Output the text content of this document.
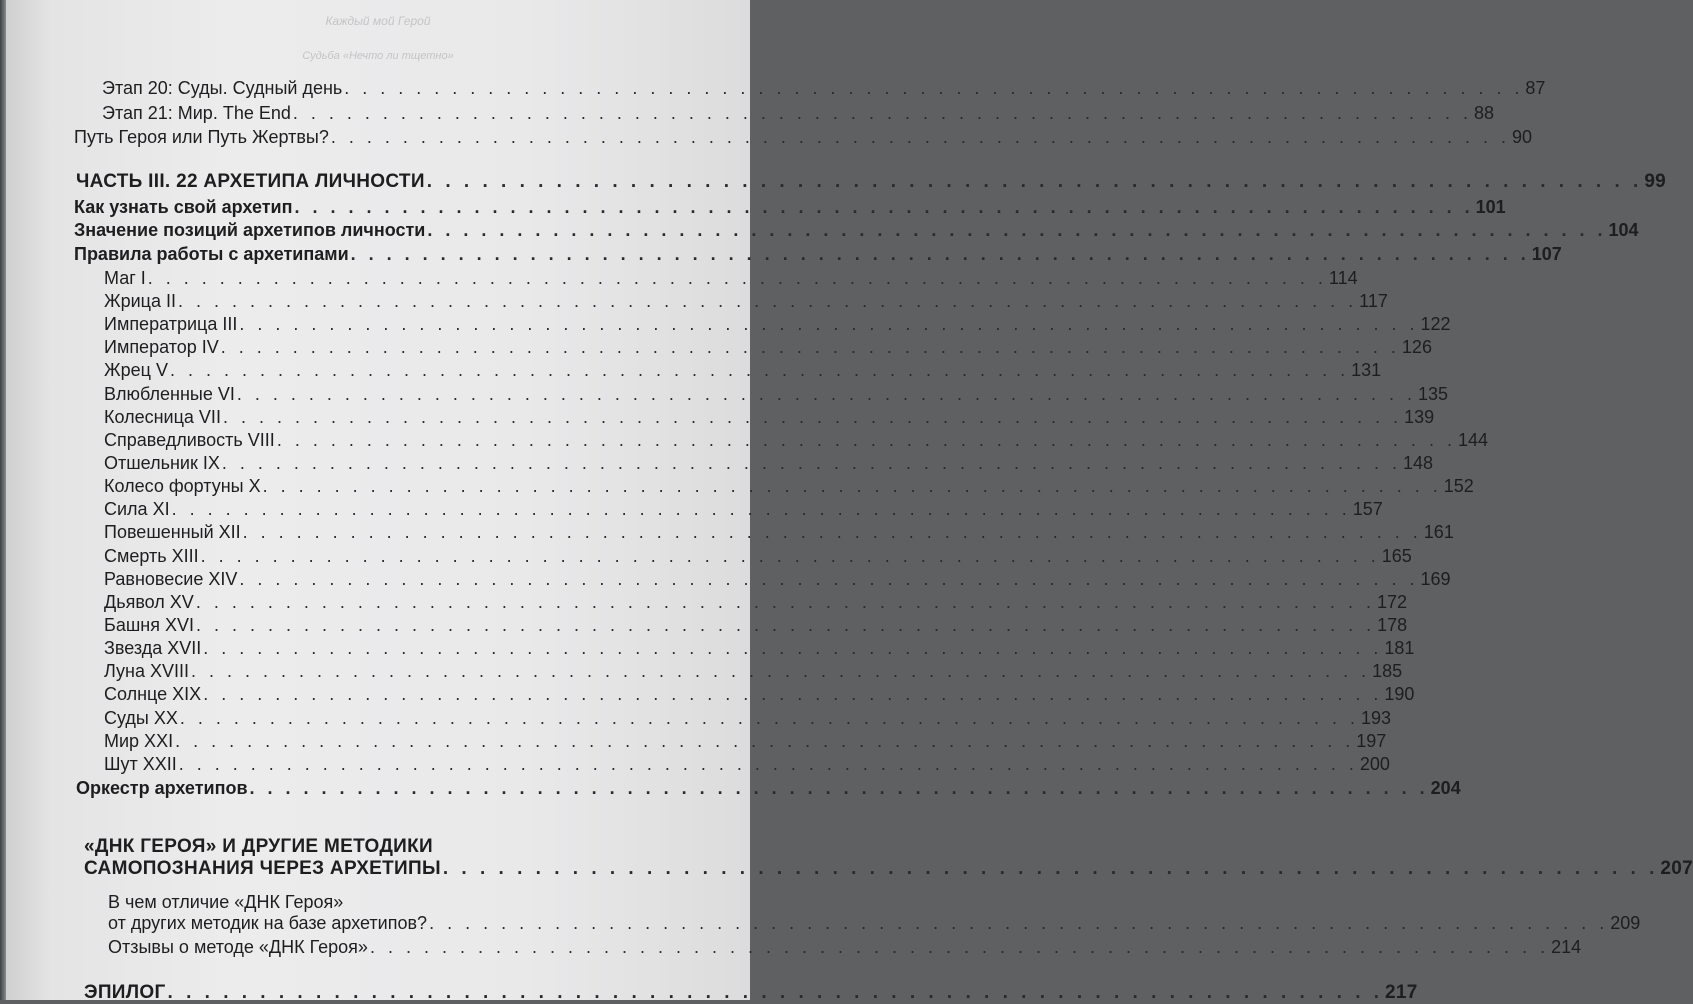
Каждый мой Герой
Судьба «Нечто ли тщетно»
Этап 20: Суды. Судный день . . . . . . . . . . . . . . . . . . . . . . . . . . . . . . . . . . . . . . . . . . . . . . . . . . . . . . . . . . . . . . . . . . 87
Этап 21: Мир. The End . . . . . . . . . . . . . . . . . . . . . . . . . . . . . . . . . . . . . . . . . . . . . . . . . . . . . . . . . . . . . . . . . . 88
Путь Героя или Путь Жертвы? . . . . . . . . . . . . . . . . . . . . . . . . . . . . . . . . . . . . . . . . . . . . . . . . . . . . . . . . . . . . . . . . . . 90
ЧАСТЬ III. 22 АРХЕТИПА ЛИЧНОСТИ . . . . . . . . . . . . . . . . . . . . . . . . . . . . . . . . . . . . . . . . . . . . . . . . . . . . . . . . . . . . . . . . . . 99
Как узнать свой архетип . . . . . . . . . . . . . . . . . . . . . . . . . . . . . . . . . . . . . . . . . . . . . . . . . . . . . . . . . . . . . . . . . . 101
Значение позиций архетипов личности . . . . . . . . . . . . . . . . . . . . . . . . . . . . . . . . . . . . . . . . . . . . . . . . . . . . . . . . . . . . . . . . . . 104
Правила работы с архетипами . . . . . . . . . . . . . . . . . . . . . . . . . . . . . . . . . . . . . . . . . . . . . . . . . . . . . . . . . . . . . . . . . . 107
Маг I . . . . . . . . . . . . . . . . . . . . . . . . . . . . . . . . . . . . . . . . . . . . . . . . . . . . . . . . . . . . . . . . . . 114
Жрица II . . . . . . . . . . . . . . . . . . . . . . . . . . . . . . . . . . . . . . . . . . . . . . . . . . . . . . . . . . . . . . . . . . 117
Императрица III . . . . . . . . . . . . . . . . . . . . . . . . . . . . . . . . . . . . . . . . . . . . . . . . . . . . . . . . . . . . . . . . . . 122
Император IV . . . . . . . . . . . . . . . . . . . . . . . . . . . . . . . . . . . . . . . . . . . . . . . . . . . . . . . . . . . . . . . . . . 126
Жрец V . . . . . . . . . . . . . . . . . . . . . . . . . . . . . . . . . . . . . . . . . . . . . . . . . . . . . . . . . . . . . . . . . . 131
Влюбленные VI . . . . . . . . . . . . . . . . . . . . . . . . . . . . . . . . . . . . . . . . . . . . . . . . . . . . . . . . . . . . . . . . . . 135
Колесница VII . . . . . . . . . . . . . . . . . . . . . . . . . . . . . . . . . . . . . . . . . . . . . . . . . . . . . . . . . . . . . . . . . . 139
Справедливость VIII . . . . . . . . . . . . . . . . . . . . . . . . . . . . . . . . . . . . . . . . . . . . . . . . . . . . . . . . . . . . . . . . . . 144
Отшельник IX . . . . . . . . . . . . . . . . . . . . . . . . . . . . . . . . . . . . . . . . . . . . . . . . . . . . . . . . . . . . . . . . . . 148
Колесо фортуны X . . . . . . . . . . . . . . . . . . . . . . . . . . . . . . . . . . . . . . . . . . . . . . . . . . . . . . . . . . . . . . . . . . 152
Сила XI . . . . . . . . . . . . . . . . . . . . . . . . . . . . . . . . . . . . . . . . . . . . . . . . . . . . . . . . . . . . . . . . . . 157
Повешенный XII . . . . . . . . . . . . . . . . . . . . . . . . . . . . . . . . . . . . . . . . . . . . . . . . . . . . . . . . . . . . . . . . . . 161
Смерть XIII . . . . . . . . . . . . . . . . . . . . . . . . . . . . . . . . . . . . . . . . . . . . . . . . . . . . . . . . . . . . . . . . . . 165
Равновесие XIV . . . . . . . . . . . . . . . . . . . . . . . . . . . . . . . . . . . . . . . . . . . . . . . . . . . . . . . . . . . . . . . . . . 169
Дьявол XV . . . . . . . . . . . . . . . . . . . . . . . . . . . . . . . . . . . . . . . . . . . . . . . . . . . . . . . . . . . . . . . . . . 172
Башня XVI . . . . . . . . . . . . . . . . . . . . . . . . . . . . . . . . . . . . . . . . . . . . . . . . . . . . . . . . . . . . . . . . . . 178
Звезда XVII . . . . . . . . . . . . . . . . . . . . . . . . . . . . . . . . . . . . . . . . . . . . . . . . . . . . . . . . . . . . . . . . . . 181
Луна XVIII . . . . . . . . . . . . . . . . . . . . . . . . . . . . . . . . . . . . . . . . . . . . . . . . . . . . . . . . . . . . . . . . . . 185
Солнце XIX . . . . . . . . . . . . . . . . . . . . . . . . . . . . . . . . . . . . . . . . . . . . . . . . . . . . . . . . . . . . . . . . . . 190
Суды XX . . . . . . . . . . . . . . . . . . . . . . . . . . . . . . . . . . . . . . . . . . . . . . . . . . . . . . . . . . . . . . . . . . 193
Мир XXI . . . . . . . . . . . . . . . . . . . . . . . . . . . . . . . . . . . . . . . . . . . . . . . . . . . . . . . . . . . . . . . . . . 197
Шут XXII . . . . . . . . . . . . . . . . . . . . . . . . . . . . . . . . . . . . . . . . . . . . . . . . . . . . . . . . . . . . . . . . . . 200
Оркестр архетипов . . . . . . . . . . . . . . . . . . . . . . . . . . . . . . . . . . . . . . . . . . . . . . . . . . . . . . . . . . . . . . . . . . 204
«ДНК ГЕРОЯ» И ДРУГИЕ МЕТОДИКИ
САМОПОЗНАНИЯ ЧЕРЕЗ АРХЕТИПЫ . . . . . . . . . . . . . . . . . . . . . . . . . . . . . . . . . . . . . . . . . . . . . . . . . . . . . . . . . . . . . . . . . . 207
В чем отличие «ДНК Героя»
от других методик на базе архетипов? . . . . . . . . . . . . . . . . . . . . . . . . . . . . . . . . . . . . . . . . . . . . . . . . . . . . . . . . . . . . . . . . . . 209
Отзывы о методе «ДНК Героя» . . . . . . . . . . . . . . . . . . . . . . . . . . . . . . . . . . . . . . . . . . . . . . . . . . . . . . . . . . . . . . . . . . 214
ЭПИЛОГ . . . . . . . . . . . . . . . . . . . . . . . . . . . . . . . . . . . . . . . . . . . . . . . . . . . . . . . . . . . . . . . . . . 217
